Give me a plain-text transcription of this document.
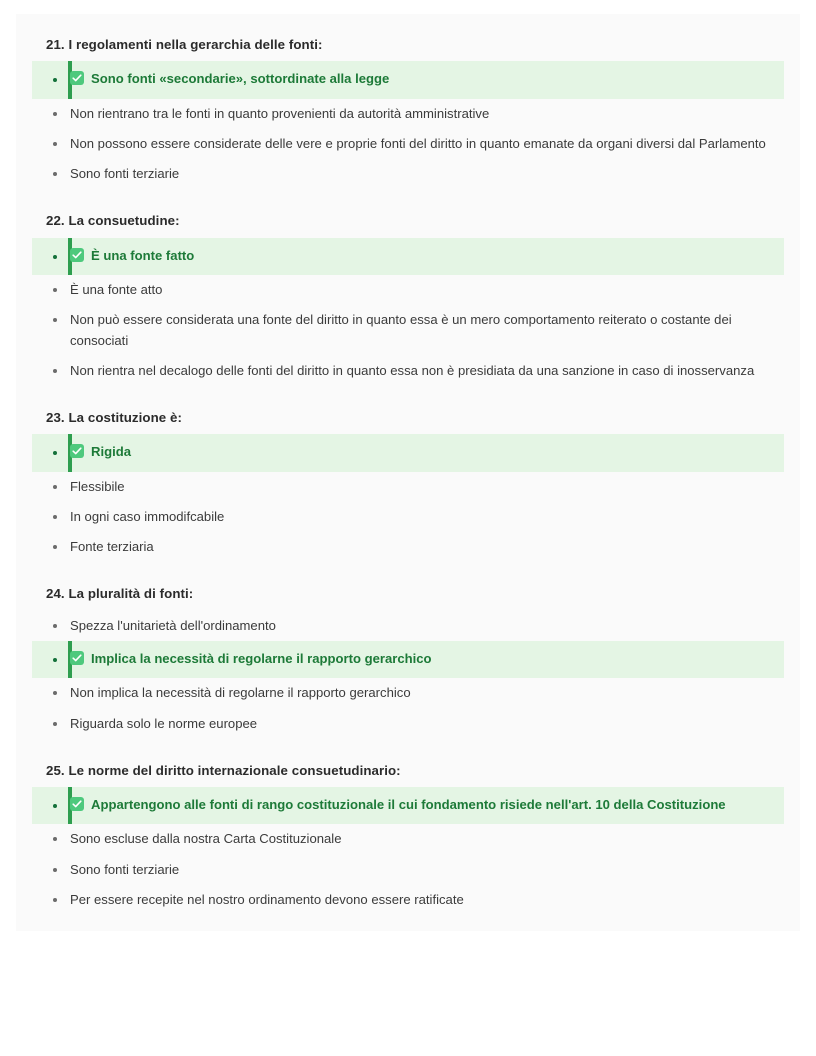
21. I regolamenti nella gerarchia delle fonti:
Sono fonti «secondarie», sottordinate alla legge
Non rientrano tra le fonti in quanto provenienti da autorità amministrative
Non possono essere considerate delle vere e proprie fonti del diritto in quanto emanate da organi diversi dal Parlamento
Sono fonti terziarie
22. La consuetudine:
È una fonte fatto
È una fonte atto
Non può essere considerata una fonte del diritto in quanto essa è un mero comportamento reiterato o costante dei consociati
Non rientra nel decalogo delle fonti del diritto in quanto essa non è presidiata da una sanzione in caso di inosservanza
23. La costituzione è:
Rigida
Flessibile
In ogni caso immodifcabile
Fonte terziaria
24. La pluralità di fonti:
Spezza l'unitarietà dell'ordinamento
Implica la necessità di regolarne il rapporto gerarchico
Non implica la necessità di regolarne il rapporto gerarchico
Riguarda solo le norme europee
25. Le norme del diritto internazionale consuetudinario:
Appartengono alle fonti di rango costituzionale il cui fondamento risiede nell'art. 10 della Costituzione
Sono escluse dalla nostra Carta Costituzionale
Sono fonti terziarie
Per essere recepite nel nostro ordinamento devono essere ratificate
